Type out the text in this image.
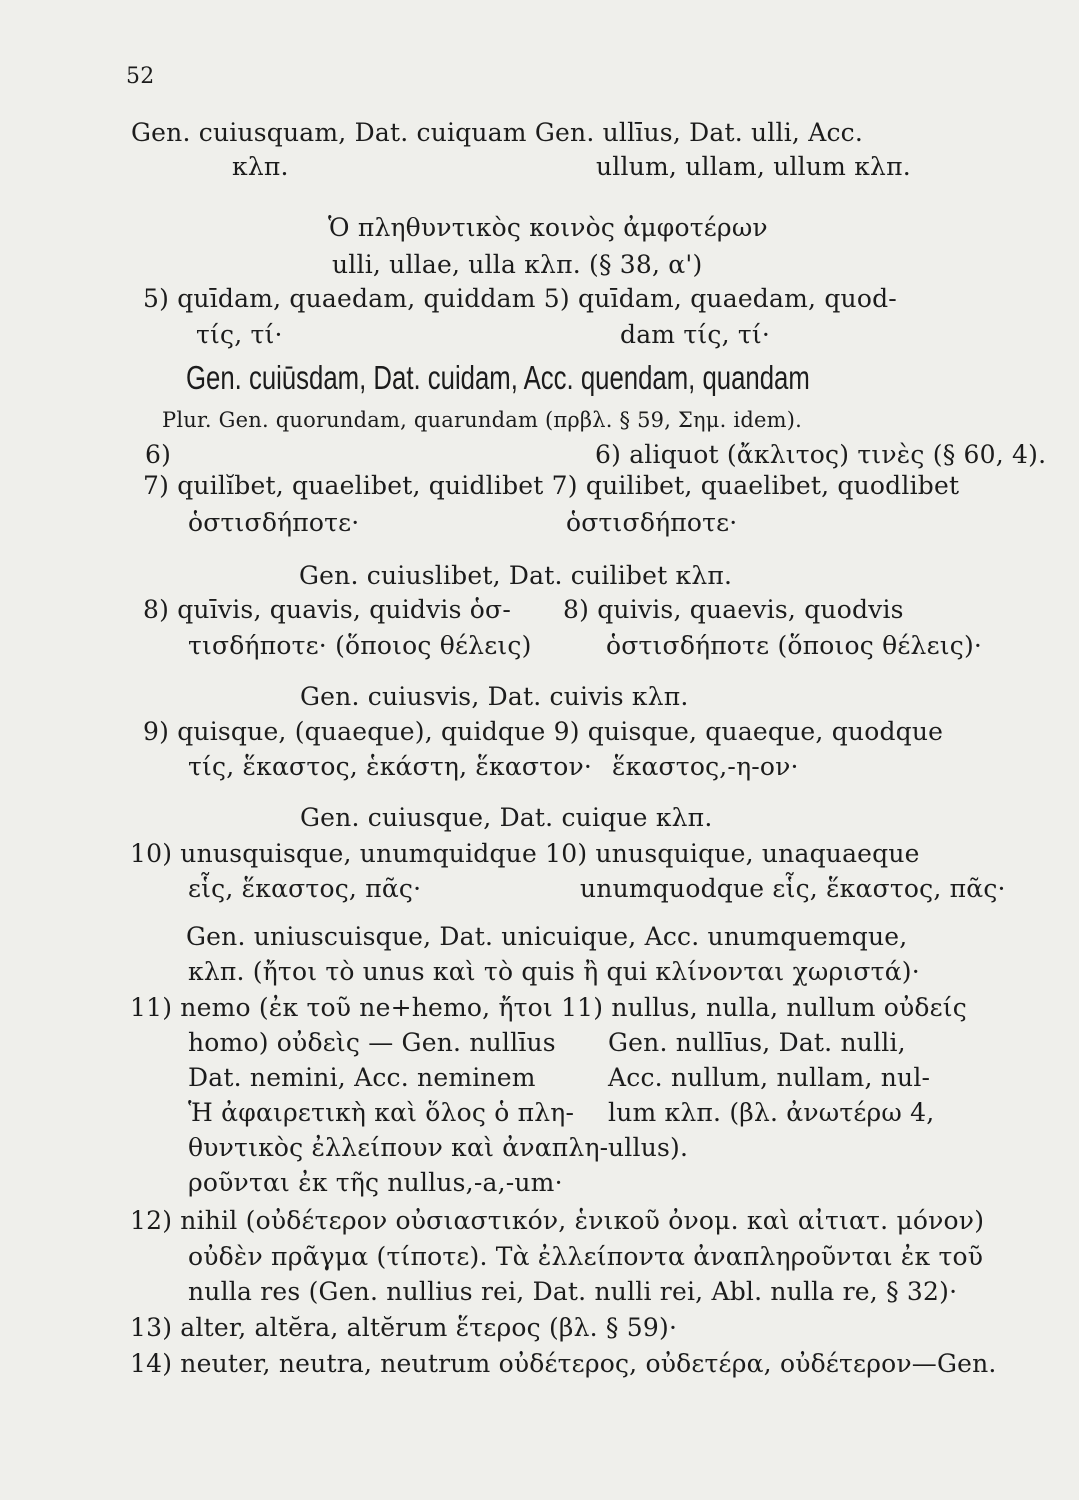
52
Gen. cuiusquam, Dat. cuiquam Gen. ullīus, Dat. ulli, Acc.
κλπ.	ullum, ullam, ullum κλπ.
Ὁ πληθυντικὸς κοινὸς ἀμφοτέρων
ulli, ullae, ulla κλπ. (§ 38, α')
5) quīdam, quaedam, quiddam 5) quīdam, quaedam, quod-
τίς, τί·	dam τίς, τί·
Gen. cuiūsdam, Dat. cuidam, Acc. quendam, quandam
Plur. Gen. quorundam, quarundam (πρβλ. § 59, Σημ. idem).
6)	6) aliquot (ἄκλιτος) τινὲς (§ 60, 4).
7) quilĭbet, quaelibet, quidlibet 7) quilibet, quaelibet, quodlibet
ὁστισδήποτε·	ὁστισδήποτε·
Gen. cuiuslibet, Dat. cuilibet κλπ.
8) quīvis, quavis, quidvis ὁσ- 8) quivis, quaevis, quodvis
τισδήποτε· (ὅποιος θέλεις)	ὁστισδήποτε (ὅποιος θέλεις)·
Gen. cuiusvis, Dat. cuivis κλπ.
9) quisque, (quaeque), quidque 9) quisque, quaeque, quodque
τίς, ἕκαστος, ἑκάστη, ἕκαστον· ἕκαστος,-η-ον·
Gen. cuiusque, Dat. cuique κλπ.
10) unusquisque, unumquidque 10) unusquique, unaquaeque
εἷς, ἕκαστος, πᾶς·	unumquodque εἷς, ἕκαστος, πᾶς·
Gen. uniuscuisque, Dat. unicuique, Acc. unumquemque,
κλπ. (ἤτοι τὸ unus καὶ τὸ quis ἢ qui κλίνονται χωριστά)·
11) nemo (ἐκ τοῦ ne+hemo, ἤτοι 11) nullus, nulla, nullum οὐδείς
homo) οὐδεὶς — Gen. nullīus Gen. nullīus, Dat. nulli,
Dat. nemini, Acc. neminem	Acc. nullum, nullam, nul-
Ἡ ἀφαιρετικὴ καὶ ὅλος ὁ πλη- lum κλπ. (βλ. ἀνωτέρω 4,
θυντικὸς ἐλλείπουν καὶ ἀναπλη- ullus).
ροῦνται ἐκ τῆς nullus,-a,-um·
12) nihil (οὐδέτερον οὐσιαστικόν, ἑνικοῦ ὀνομ. καὶ αἰτιατ. μόνον)
οὐδὲν πρᾶγμα (τίποτε). Τὰ ἐλλείποντα ἀναπληροῦνται ἐκ τοῦ
nulla res (Gen. nullius rei, Dat. nulli rei, Abl. nulla re, § 32)·
13) alter, altĕra, altĕrum ἕτερος (βλ. § 59)·
14) neuter, neutra, neutrum οὐδέτερος, οὐδετέρα, οὐδέτερον—Gen.
